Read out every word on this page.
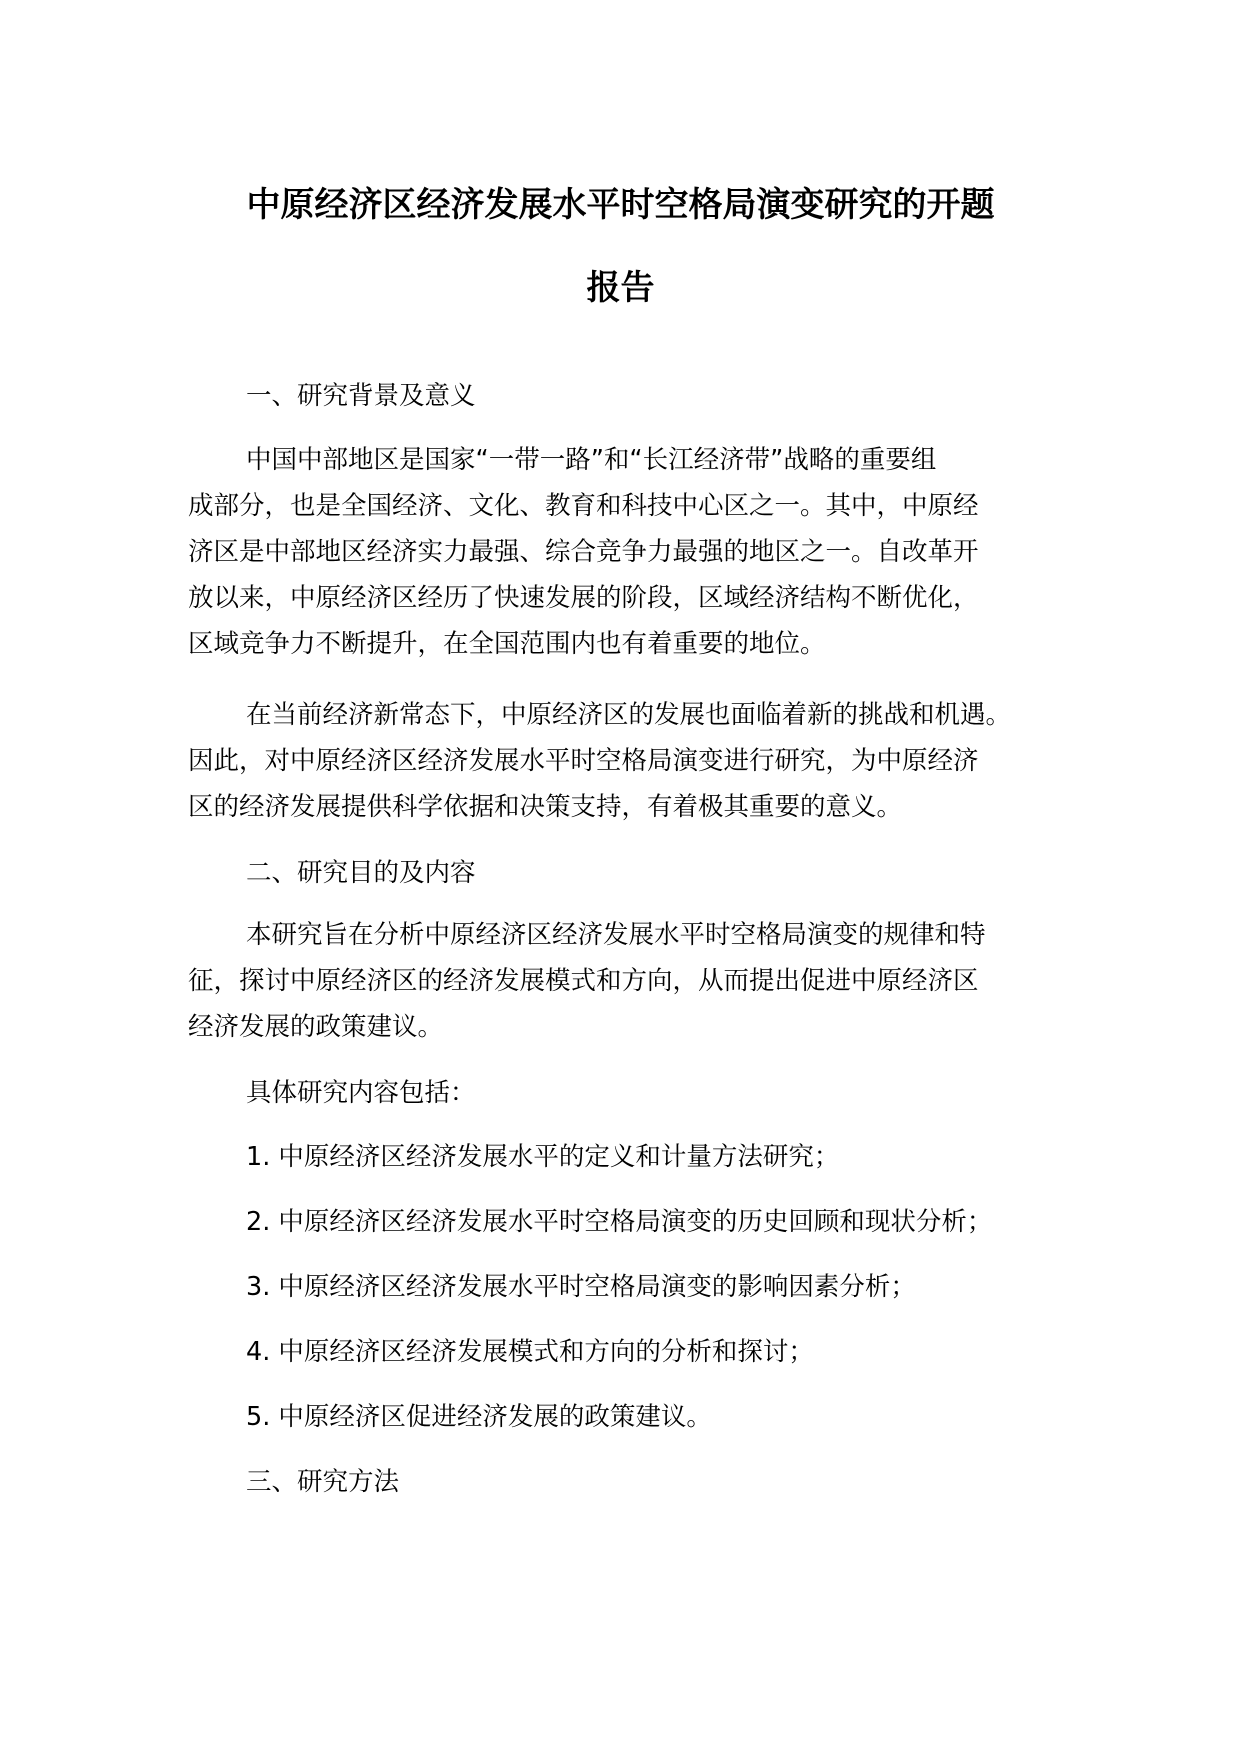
中原经济区经济发展水平时空格局演变研究的开题
报告
一、研究背景及意义
中国中部地区是国家“一带一路”和“长江经济带”战略的重要组
成部分，也是全国经济、文化、教育和科技中心区之一。其中，中原经
济区是中部地区经济实力最强、综合竞争力最强的地区之一。自改革开
放以来，中原经济区经历了快速发展的阶段，区域经济结构不断优化，
区域竞争力不断提升，在全国范围内也有着重要的地位。
在当前经济新常态下，中原经济区的发展也面临着新的挑战和机遇。
因此，对中原经济区经济发展水平时空格局演变进行研究，为中原经济
区的经济发展提供科学依据和决策支持，有着极其重要的意义。
二、研究目的及内容
本研究旨在分析中原经济区经济发展水平时空格局演变的规律和特
征，探讨中原经济区的经济发展模式和方向，从而提出促进中原经济区
经济发展的政策建议。
具体研究内容包括：
1. 中原经济区经济发展水平的定义和计量方法研究；
2. 中原经济区经济发展水平时空格局演变的历史回顾和现状分析；
3. 中原经济区经济发展水平时空格局演变的影响因素分析；
4. 中原经济区经济发展模式和方向的分析和探讨；
5. 中原经济区促进经济发展的政策建议。
三、研究方法
